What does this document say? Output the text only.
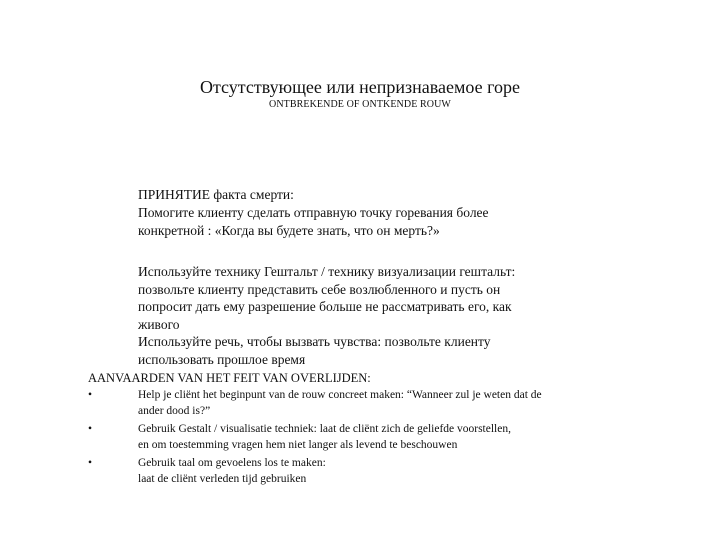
Отсутствующее или непризнаваемое горе
ONTBREKENDE OF ONTKENDE ROUW

ПРИНЯТИЕ факта смерти:

Помогите клиенту сделать отправную точку горевания более

конкретной : «Когда вы будете знать, что он мерть?»

Используйте технику Гештальт / технику визуализации гештальт:

позвольте клиенту представить себе возлюбленного и пусть он

попросит дать ему разрешение больше не рассматривать его, как

живого

Используйте речь, чтобы вызвать чувства: позвольте клиенту

использовать прошлое время

AANVAARDEN VAN HET FEIT VAN OVERLIJDEN:
•	Help je cliënt het beginpunt van de rouw concreet maken: “Wanneer zul je weten dat de
ander dood is?”
•	Gebruik Gestalt / visualisatie techniek: laat de cliënt zich de geliefde voorstellen,
en om toestemming vragen hem niet langer als levend te beschouwen
•	Gebruik taal om gevoelens los te maken:
laat de cliënt verleden tijd gebruiken
